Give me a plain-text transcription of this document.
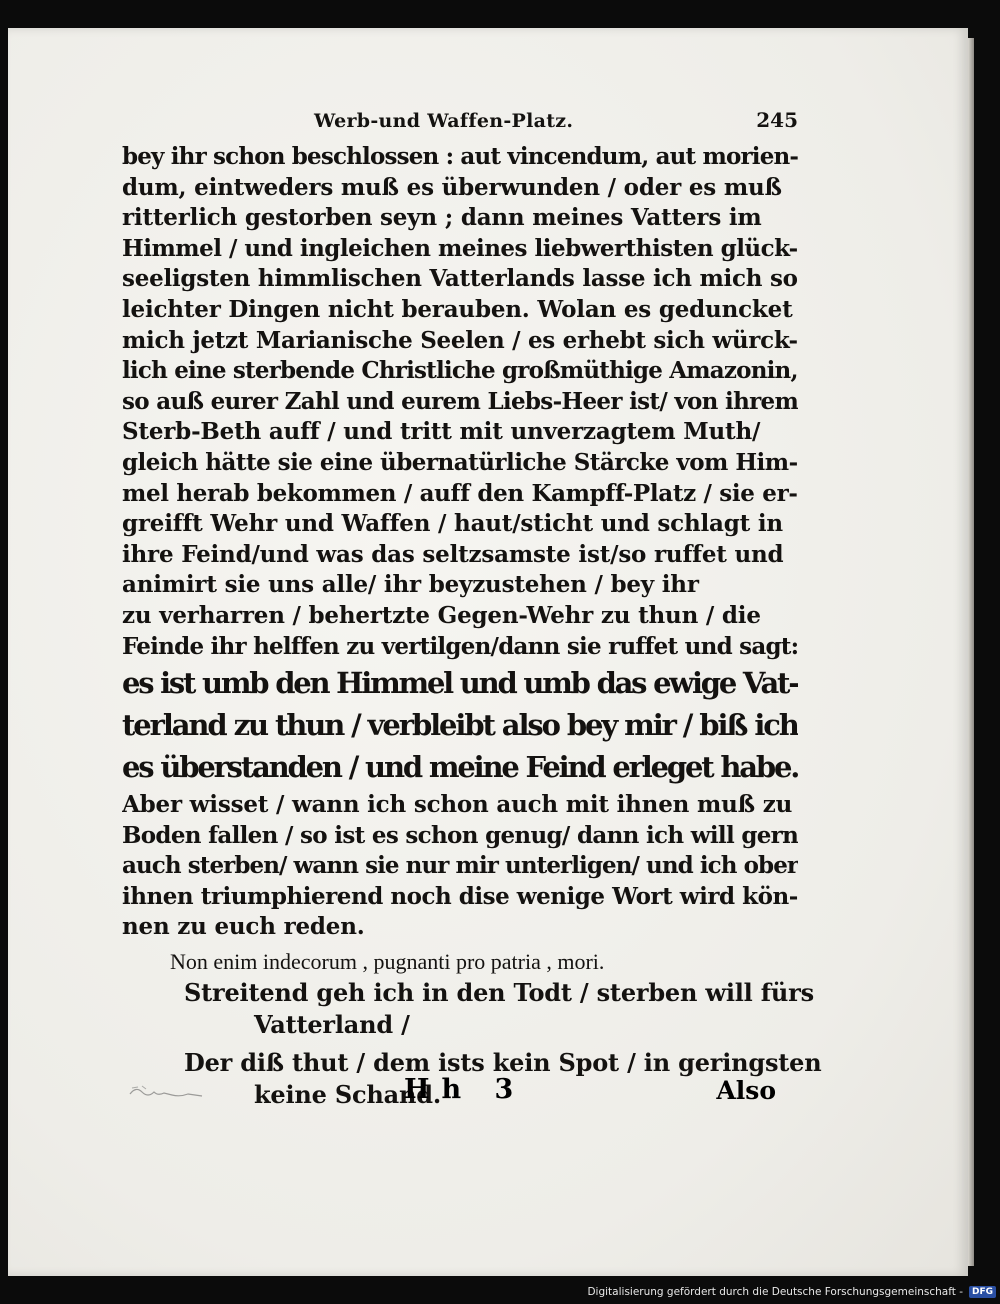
Werb-und Waffen-Platz.	245
bey ihr schon beschlossen : aut vincendum, aut morien-
dum, eintweders muß es überwunden / oder es muß
ritterlich gestorben seyn ; dann meines Vatters im
Himmel / und ingleichen meines liebwerthisten glück-
seeligsten himmlischen Vatterlands lasse ich mich so
leichter Dingen nicht berauben. Wolan es geduncket
mich jetzt Marianische Seelen / es erhebt sich würck-
lich eine sterbende Christliche großmüthige Amazonin,
so auß eurer Zahl und eurem Liebs-Heer ist/ von ihrem
Sterb-Beth auff / und tritt mit unverzagtem Muth/
gleich hätte sie eine übernatürliche Stärcke vom Him-
mel herab bekommen / auff den Kampff-Platz / sie er-
greifft Wehr und Waffen / haut/sticht und schlagt in
ihre Feind/und was das seltzsamste ist/so ruffet und
animirt sie uns alle/ ihr beyzustehen / bey ihr
zu verharren / behertzte Gegen-Wehr zu thun / die
Feinde ihr helffen zu vertilgen/dann sie ruffet und sagt:
es ist umb den Himmel und umb das ewige Vat-
terland zu thun / verbleibt also bey mir / biß ich
es überstanden / und meine Feind erleget habe.
Aber wisset / wann ich schon auch mit ihnen muß zu
Boden fallen / so ist es schon genug/ dann ich will gern
auch sterben/ wann sie nur mir unterligen/ und ich ober
ihnen triumphierend noch dise wenige Wort wird kön-
nen zu euch reden.
Non enim indecorum , pugnanti pro patria , mori.
Streitend geh ich in den Todt / sterben will fürs
Vatterland /
Der diß thut / dem ists kein Spot / in geringsten
keine Schand.
Hh 3	Also
Digitalisierung gefördert durch die Deutsche Forschungsgemeinschaft -	DFG
